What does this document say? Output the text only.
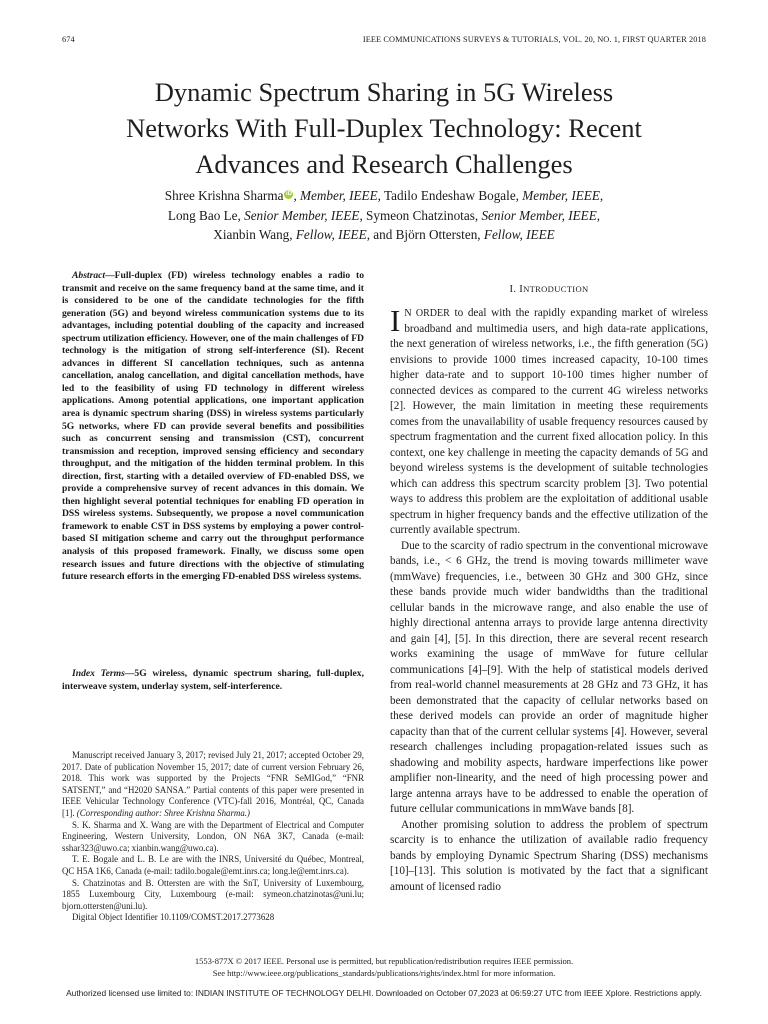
674	IEEE COMMUNICATIONS SURVEYS & TUTORIALS, VOL. 20, NO. 1, FIRST QUARTER 2018
Dynamic Spectrum Sharing in 5G Wireless
Networks With Full-Duplex Technology: Recent
Advances and Research Challenges
Shree Krishna Sharma iD , Member, IEEE, Tadilo Endeshaw Bogale, Member, IEEE,
Long Bao Le, Senior Member, IEEE, Symeon Chatzinotas, Senior Member, IEEE,
Xianbin Wang, Fellow, IEEE, and Björn Ottersten, Fellow, IEEE
Abstract—Full-duplex (FD) wireless technology enables a radio to transmit and receive on the same frequency band at the same time, and it is considered to be one of the candidate technologies for the fifth generation (5G) and beyond wireless communication systems due to its advantages, including potential doubling of the capacity and increased spectrum utilization efficiency. However, one of the main challenges of FD technology is the mitigation of strong self-interference (SI). Recent advances in different SI cancellation techniques, such as antenna cancellation, analog cancellation, and digital cancellation methods, have led to the feasibility of using FD technology in different wireless applications. Among potential applications, one important application area is dynamic spectrum sharing (DSS) in wireless systems particularly 5G networks, where FD can provide several benefits and possibilities such as concurrent sensing and transmission (CST), concurrent transmission and reception, improved sensing efficiency and secondary throughput, and the mitigation of the hidden terminal problem. In this direction, first, starting with a detailed overview of FD-enabled DSS, we provide a comprehensive survey of recent advances in this domain. We then highlight several potential techniques for enabling FD operation in DSS wireless systems. Subsequently, we propose a novel communication framework to enable CST in DSS systems by employing a power control-based SI mitigation scheme and carry out the throughput performance analysis of this proposed framework. Finally, we discuss some open research issues and future directions with the objective of stimulating future research efforts in the emerging FD-enabled DSS wireless systems.
Index Terms—5G wireless, dynamic spectrum sharing, full-duplex, interweave system, underlay system, self-interference.

Manuscript received January 3, 2017; revised July 21, 2017; accepted October 29, 2017. Date of publication November 15, 2017; date of current version February 26, 2018. This work was supported by the Projects “FNR SeMIGod,” “FNR SATSENT,” and “H2020 SANSA.” Partial contents of this paper were presented in IEEE Vehicular Technology Conference (VTC)-fall 2016, Montréal, QC, Canada [1]. (Corresponding author: Shree Krishna Sharma.)

S. K. Sharma and X. Wang are with the Department of Electrical and Computer Engineering, Western University, London, ON N6A 3K7, Canada (e-mail: sshar323@uwo.ca; xianbin.wang@uwo.ca).

T. E. Bogale and L. B. Le are with the INRS, Université du Québec, Montreal, QC H5A 1K6, Canada (e-mail: tadilo.bogale@emt.inrs.ca; long.le@emt.inrs.ca).

S. Chatzinotas and B. Ottersten are with the SnT, University of Luxembourg, 1855 Luxembourg City, Luxembourg (e-mail: symeon.chatzinotas@uni.lu; bjorn.ottersten@uni.lu).

Digital Object Identifier 10.1109/COMST.2017.2773628

I. INTRODUCTION

I N ORDER to deal with the rapidly expanding market of wireless broadband and multimedia users, and high data-rate applications, the next generation of wireless networks, i.e., the fifth generation (5G) envisions to provide 1000 times increased capacity, 10-100 times higher data-rate and to support 10-100 times higher number of connected devices as compared to the current 4G wireless networks [2]. However, the main limitation in meeting these requirements comes from the unavailability of usable frequency resources caused by spectrum fragmentation and the current fixed allocation policy. In this context, one key challenge in meeting the capacity demands of 5G and beyond wireless systems is the development of suitable technologies which can address this spectrum scarcity problem [3]. Two potential ways to address this problem are the exploitation of additional usable spectrum in higher frequency bands and the effective utilization of the currently available spectrum.

Due to the scarcity of radio spectrum in the conventional microwave bands, i.e., < 6 GHz, the trend is moving towards millimeter wave (mmWave) frequencies, i.e., between 30 GHz and 300 GHz, since these bands provide much wider bandwidths than the traditional cellular bands in the microwave range, and also enable the use of highly directional antenna arrays to provide large antenna directivity and gain [4], [5]. In this direction, there are several recent research works examining the usage of mmWave for future cellular communications [4]–[9]. With the help of statistical models derived from real-world channel measurements at 28 GHz and 73 GHz, it has been demonstrated that the capacity of cellular networks based on these derived models can provide an order of magnitude higher capacity than that of the current cellular systems [4]. However, several research challenges including propagation-related issues such as shadowing and mobility aspects, hardware imperfections like power amplifier non-linearity, and the need of high processing power and large antenna arrays have to be addressed to enable the operation of future cellular communications in mmWave bands [8].

Another promising solution to address the problem of spectrum scarcity is to enhance the utilization of available radio frequency bands by employing Dynamic Spectrum Sharing (DSS) mechanisms [10]–[13]. This solution is motivated by the fact that a significant amount of licensed radio

1553-877X © 2017 IEEE. Personal use is permitted, but republication/redistribution requires IEEE permission.
See http://www.ieee.org/publications_standards/publications/rights/index.html for more information.
Authorized licensed use limited to: INDIAN INSTITUTE OF TECHNOLOGY DELHI. Downloaded on October 07,2023 at 06:59:27 UTC from IEEE Xplore. Restrictions apply.
